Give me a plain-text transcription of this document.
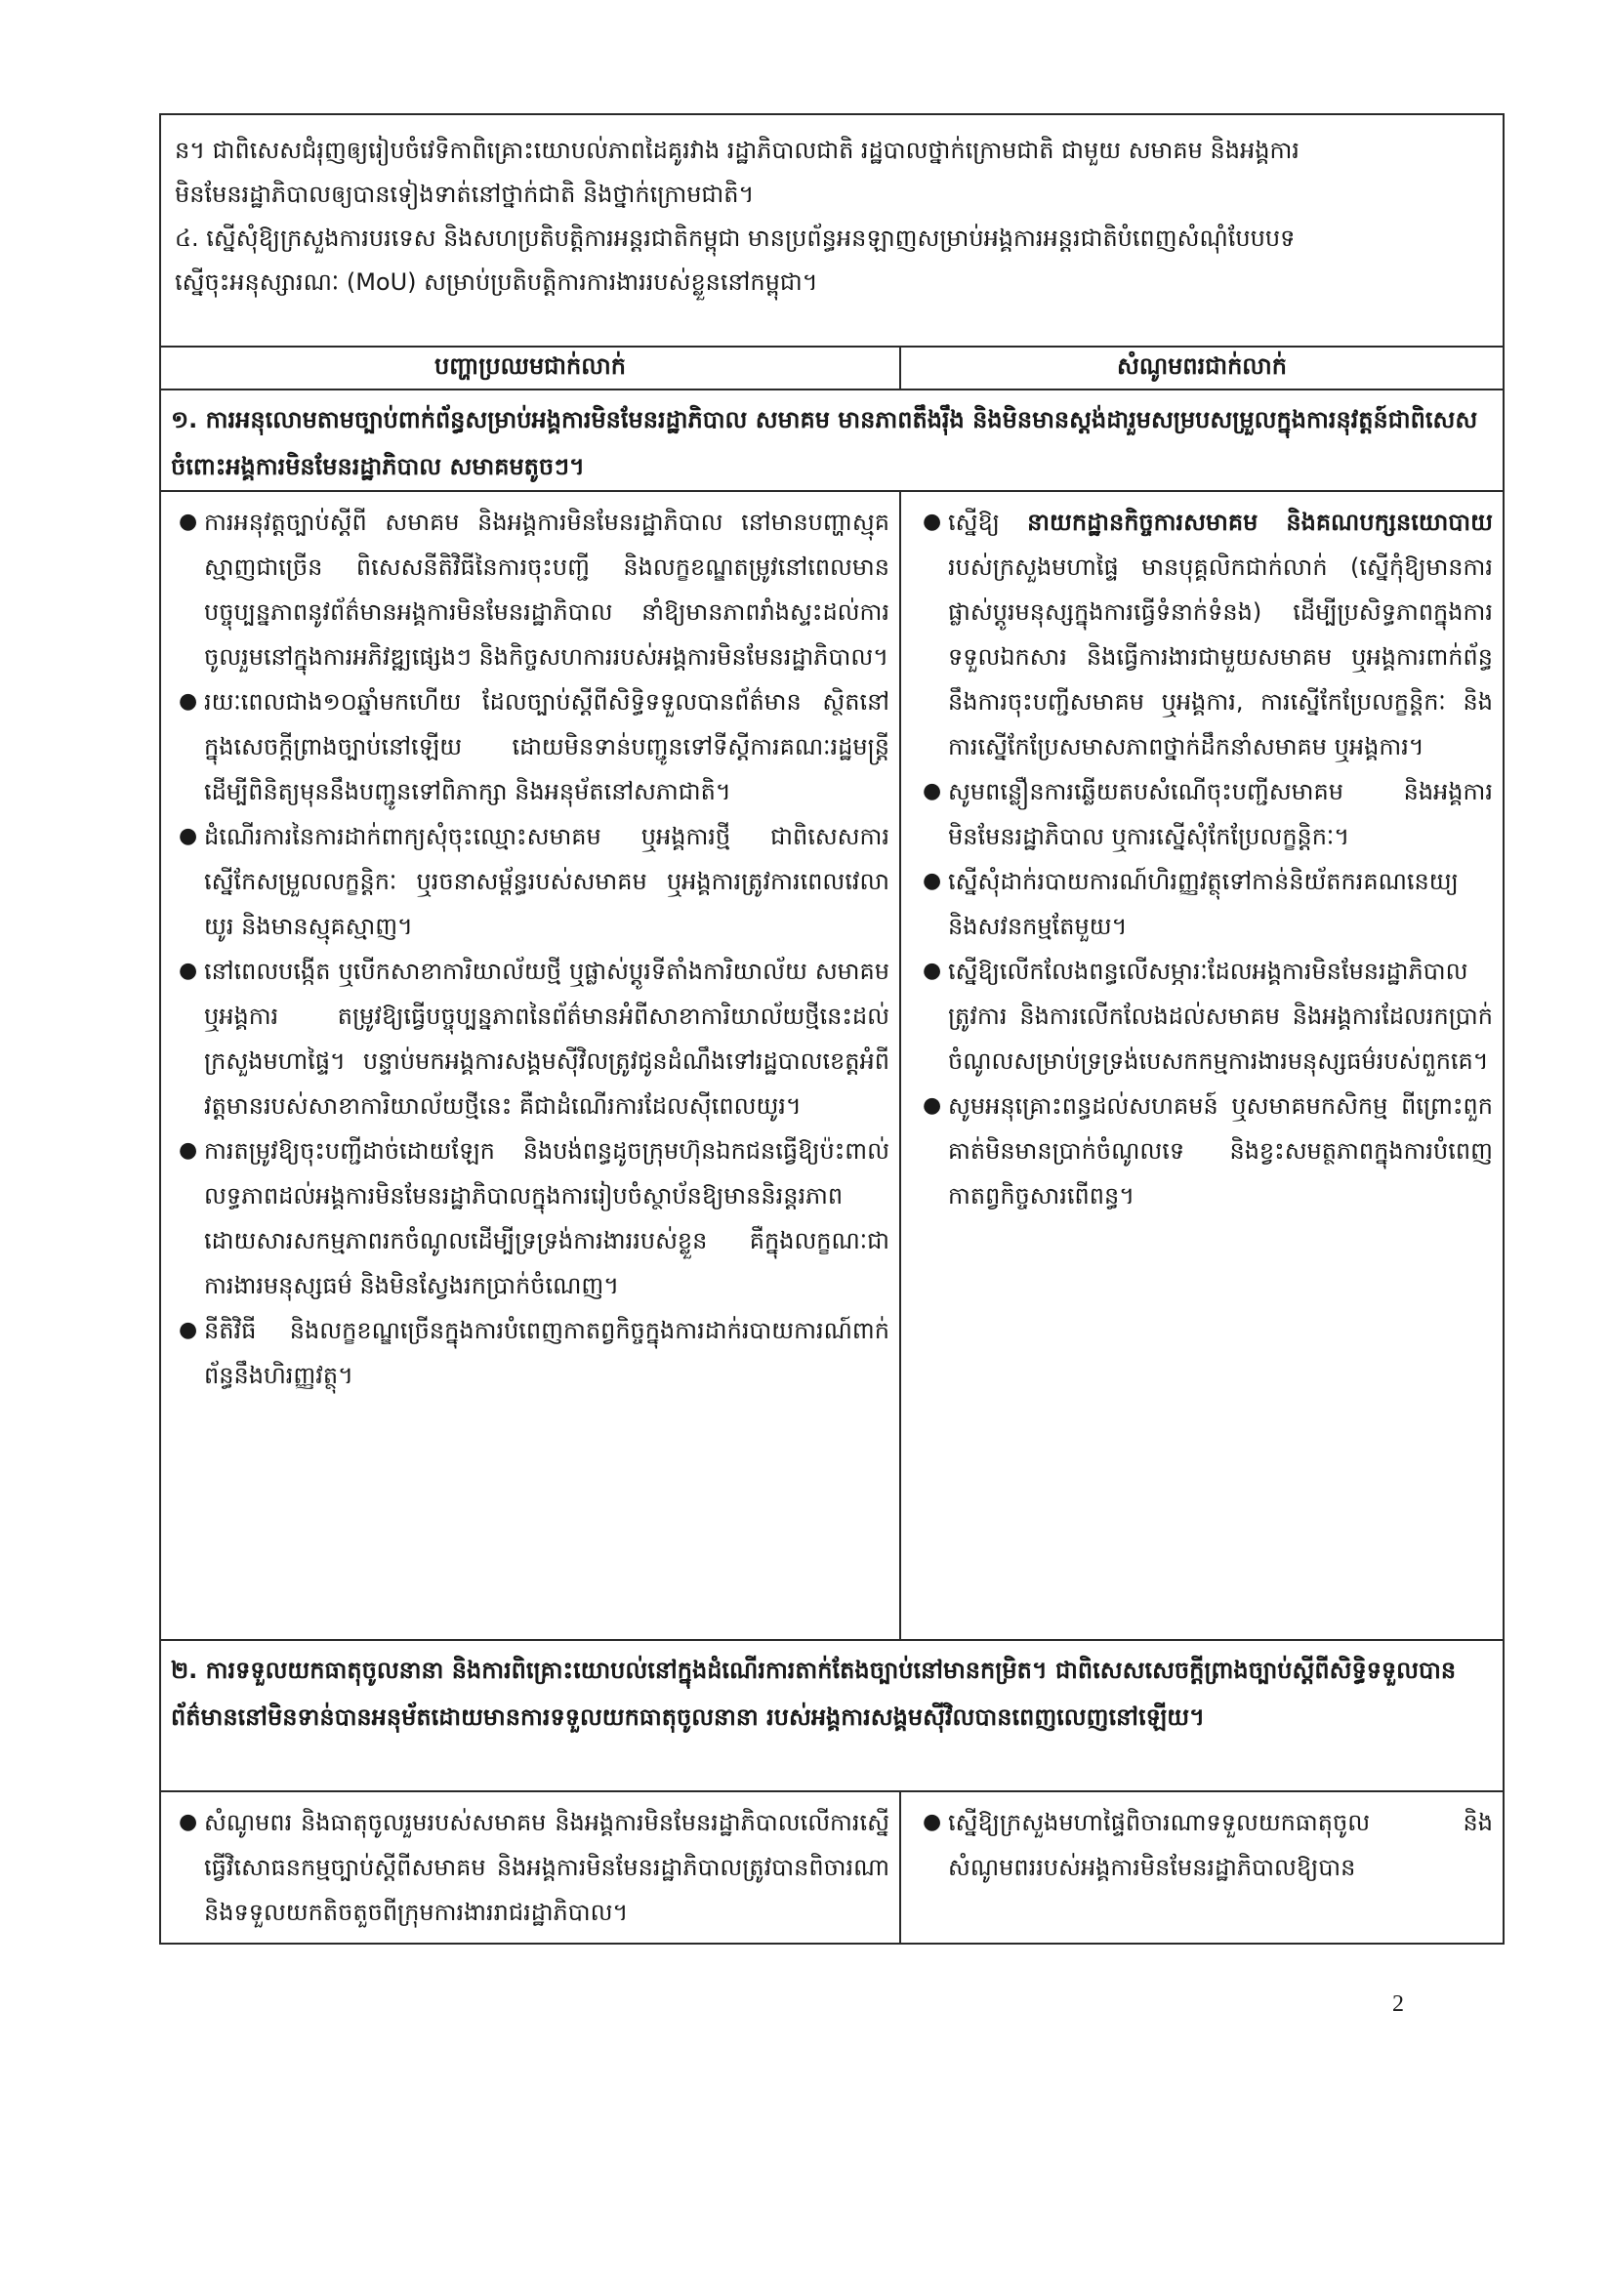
ន។ ជាពិសេសជំរុញឲ្យរៀបចំវេទិកាពិគ្រោះយោបល់ភាពដៃគូរវាង រដ្ឋាភិបាលជាតិ រដ្ឋបាលថ្នាក់ក្រោមជាតិ ជាមួយ សមាគម និងអង្គការ

មិនមែនរដ្ឋាភិបាលឲ្យបានទៀងទាត់នៅថ្នាក់ជាតិ និងថ្នាក់ក្រោមជាតិ។

៤. ស្នើសុំឱ្យក្រសួងការបរទេស និងសហប្រតិបត្តិការអន្តរជាតិកម្ពុជា មានប្រព័ន្ធអនឡាញសម្រាប់អង្គការអន្តរជាតិបំពេញសំណុំបែបបទ

ស្នើចុះអនុស្សារណៈ (MoU) សម្រាប់ប្រតិបត្តិការការងាររបស់ខ្លួននៅកម្ពុជា។

បញ្ហាប្រឈមជាក់លាក់	សំណូមពរជាក់លាក់
១. ការអនុលោមតាមច្បាប់ពាក់ព័ន្ធសម្រាប់អង្គការមិនមែនរដ្ឋាភិបាល សមាគម មានភាពតឹងរ៉ឹង និងមិនមានស្តង់ដារួមសម្របសម្រួលក្នុងការនុវត្តន៍ជាពិសេសចំពោះអង្គការមិនមែនរដ្ឋាភិបាល សមាគមតូចៗ។
● ការអនុវត្តច្បាប់ស្តីពី សមាគម និងអង្គការមិនមែនរដ្ឋាភិបាល នៅមានបញ្ហាស្មុគស្មាញជាច្រើន ពិសេសនីតិវិធីនៃការចុះបញ្ជី និងលក្ខខណ្ឌតម្រូវនៅពេលមានបច្ចុប្បន្នភាពនូវព័ត៌មានអង្គការមិនមែនរដ្ឋាភិបាល នាំឱ្យមានភាពរាំងស្ទះដល់ការចូលរួមនៅក្នុងការអភិវឌ្ឍផ្សេងៗ និងកិច្ចសហការរបស់អង្គការមិនមែនរដ្ឋាភិបាល។
● រយៈពេលជាង១០ឆ្នាំមកហើយ ដែលច្បាប់ស្តីពីសិទ្ធិទទួលបានព័ត៌មាន ស្ថិតនៅក្នុងសេចក្តីព្រាងច្បាប់នៅឡើយ ដោយមិនទាន់បញ្ជូនទៅទីស្តីការគណៈរដ្ឋមន្ត្រីដើម្បីពិនិត្យមុននឹងបញ្ជូនទៅពិភាក្សា និងអនុម័តនៅសភាជាតិ។
● ដំណើរការនៃការដាក់ពាក្យសុំចុះឈ្មោះសមាគម ឬអង្គការថ្មី ជាពិសេសការស្នើកែសម្រួលលក្ខន្តិកៈ ឬរចនាសម្ព័ន្ធរបស់សមាគម ឬអង្គការត្រូវការពេលវេលាយូរ និងមានស្មុគស្មាញ។
● នៅពេលបង្កើត ឬបើកសាខាការិយាល័យថ្មី ឬផ្លាស់ប្តូរទីតាំងការិយាល័យ សមាគម ឬអង្គការ តម្រូវឱ្យធ្វើបច្ចុប្បន្នភាពនៃព័ត៌មានអំពីសាខាការិយាល័យថ្មីនេះដល់ក្រសួងមហាផ្ទៃ។ បន្ទាប់មកអង្គការសង្គមស៊ីវិលត្រូវជូនដំណឹងទៅរដ្ឋបាលខេត្តអំពីវត្តមានរបស់សាខាការិយាល័យថ្មីនេះ គឺជាដំណើរការដែលស៊ីពេលយូរ។
● ការតម្រូវឱ្យចុះបញ្ជីដាច់ដោយឡែក និងបង់ពន្ធដូចក្រុមហ៊ុនឯកជនធ្វើឱ្យប៉ះពាល់លទ្ធភាពដល់អង្គការមិនមែនរដ្ឋាភិបាលក្នុងការរៀបចំស្ថាប័នឱ្យមាននិរន្តរភាព ដោយសារសកម្មភាពរកចំណូលដើម្បីទ្រទ្រង់ការងាររបស់ខ្លួន គឺក្នុងលក្ខណៈជាការងារមនុស្សធម៌ និងមិនស្វែងរកប្រាក់ចំណេញ។
● នីតិវិធី និងលក្ខខណ្ឌច្រើនក្នុងការបំពេញកាតព្វកិច្ចក្នុងការដាក់របាយការណ៍ពាក់ព័ន្ធនឹងហិរញ្ញវត្ថុ។
● ស្នើឱ្យ នាយកដ្ឋានកិច្ចការសមាគម និងគណបក្សនយោបាយ របស់ក្រសួងមហាផ្ទៃ មានបុគ្គលិកជាក់លាក់ (ស្នើកុំឱ្យមានការផ្លាស់ប្តូរមនុស្សក្នុងការធ្វើទំនាក់ទំនង) ដើម្បីប្រសិទ្ធភាពក្នុងការទទួលឯកសារ និងធ្វើការងារជាមួយសមាគម ឬអង្គការពាក់ព័ន្ធនឹងការចុះបញ្ជីសមាគម ឬអង្គការ, ការស្នើកែប្រែលក្ខន្តិកៈ និងការស្នើកែប្រែសមាសភាពថ្នាក់ដឹកនាំសមាគម ឬអង្គការ។
● សូមពន្លឿនការឆ្លើយតបសំណើចុះបញ្ជីសមាគម និងអង្គការមិនមែនរដ្ឋាភិបាល ឬការស្នើសុំកែប្រែលក្ខន្តិកៈ។
● ស្នើសុំដាក់របាយការណ៍ហិរញ្ញវត្ថុទៅកាន់និយ័តករគណនេយ្យ និងសវនកម្មតែមួយ។
● ស្នើឱ្យលើកលែងពន្ធលើសម្ភារៈដែលអង្គការមិនមែនរដ្ឋាភិបាលត្រូវការ និងការលើកលែងដល់សមាគម និងអង្គការដែលរកប្រាក់ចំណូលសម្រាប់ទ្រទ្រង់បេសកកម្មការងារមនុស្សធម៌របស់ពួកគេ។
● សូមអនុគ្រោះពន្ធដល់សហគមន៍ ឬសមាគមកសិកម្ម ពីព្រោះពួកគាត់មិនមានប្រាក់ចំណូលទេ និងខ្វះសមត្ថភាពក្នុងការបំពេញកាតព្វកិច្ចសារពើពន្ធ។
២. ការទទួលយកធាតុចូលនានា និងការពិគ្រោះយោបល់នៅក្នុងដំណើរការតាក់តែងច្បាប់នៅមានកម្រិត។ ជាពិសេសសេចក្តីព្រាងច្បាប់ស្តីពីសិទ្ធិទទួលបានព័ត៌មាននៅមិនទាន់បានអនុម័តដោយមានការទទួលយកធាតុចូលនានា របស់អង្គការសង្គមស៊ីវិលបានពេញលេញនៅឡើយ។
● សំណូមពរ និងធាតុចូលរួមរបស់សមាគម និងអង្គការមិនមែនរដ្ឋាភិបាលលើការស្នើធ្វើវិសោធនកម្មច្បាប់ស្តីពីសមាគម និងអង្គការមិនមែនរដ្ឋាភិបាលត្រូវបានពិចារណា និងទទួលយកតិចតួចពីក្រុមការងាររាជរដ្ឋាភិបាល។
● ស្នើឱ្យក្រសួងមហាផ្ទៃពិចារណាទទួលយកធាតុចូល និងសំណូមពររបស់អង្គការមិនមែនរដ្ឋាភិបាលឱ្យបាន
2
